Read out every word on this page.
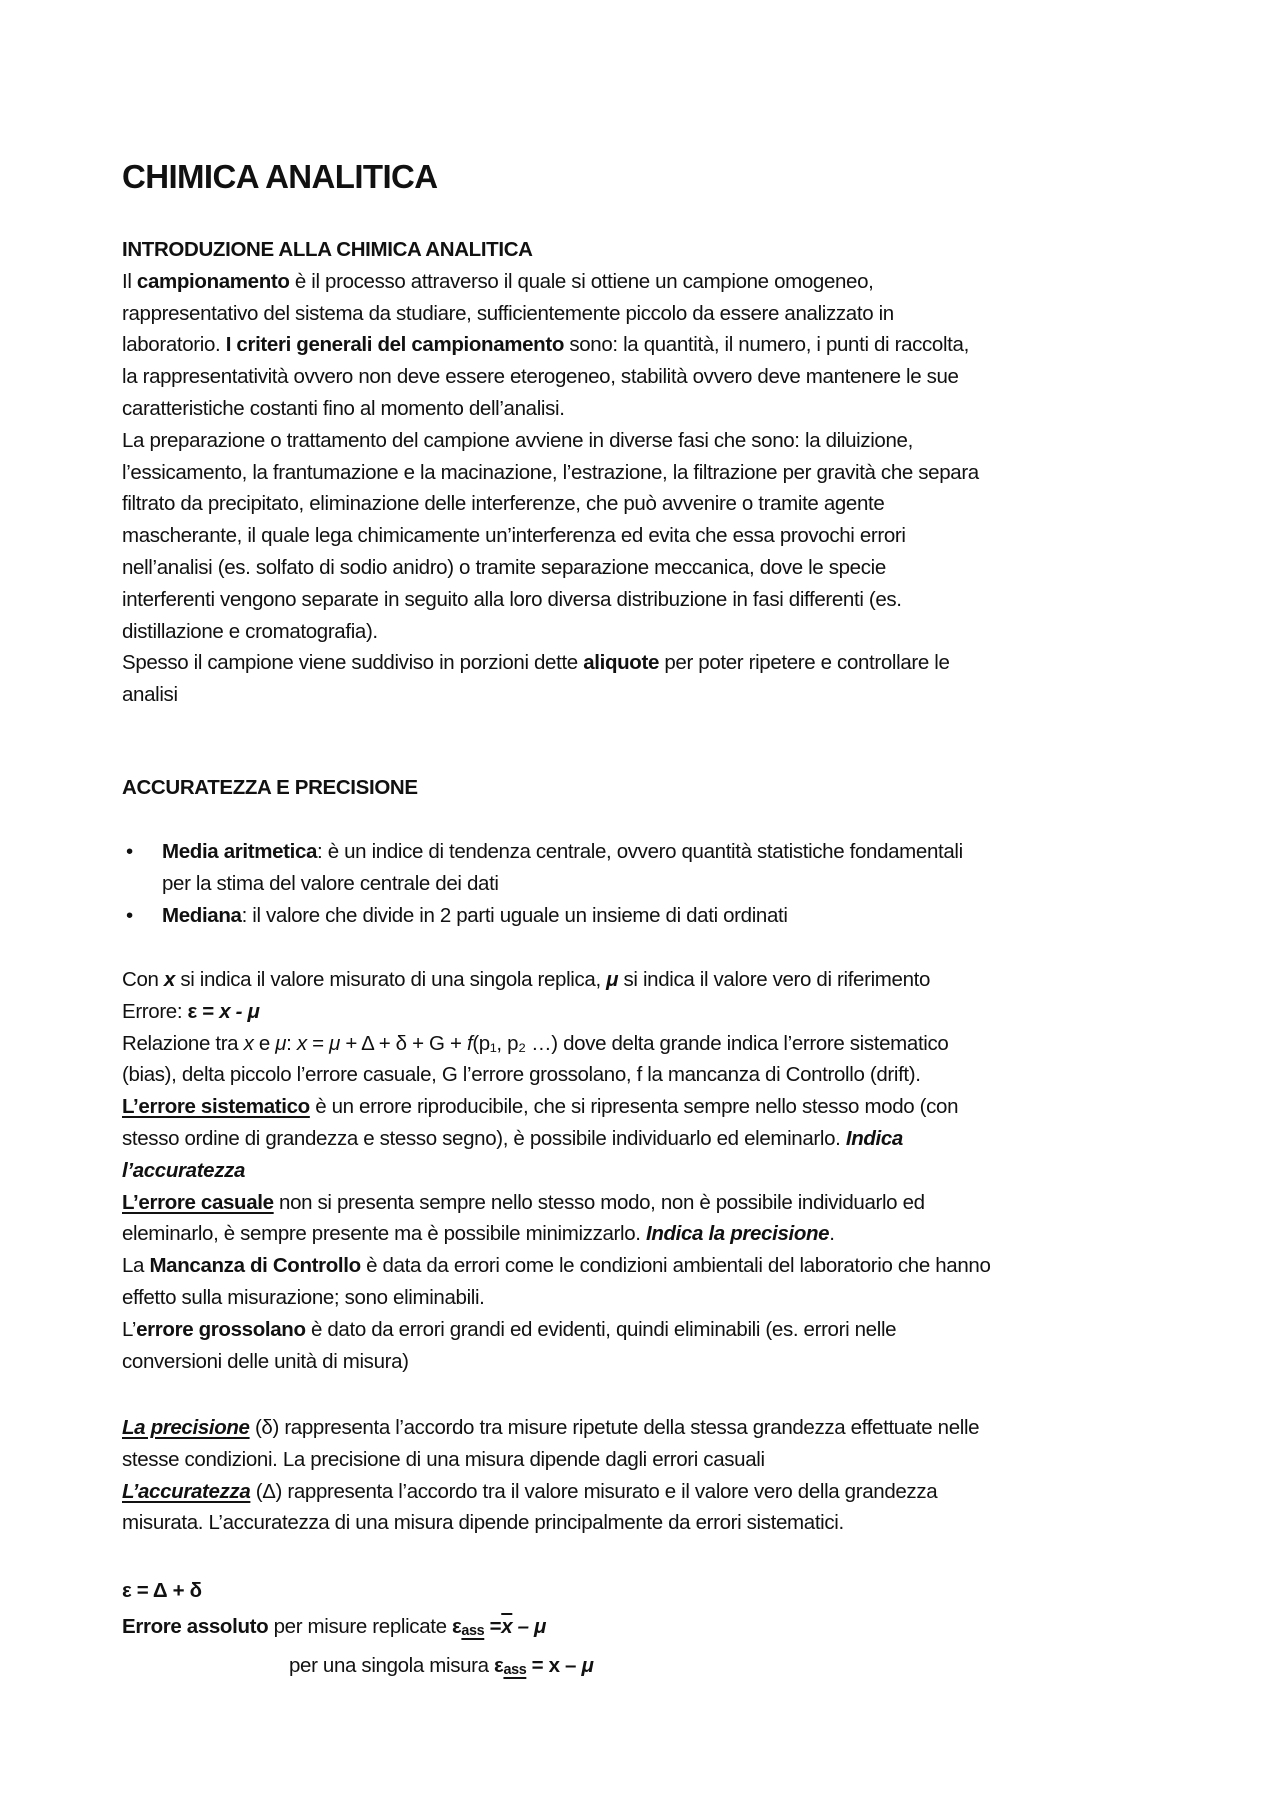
CHIMICA ANALITICA
INTRODUZIONE ALLA CHIMICA ANALITICA
Il campionamento è il processo attraverso il quale si ottiene un campione omogeneo,
rappresentativo del sistema da studiare, sufficientemente piccolo da essere analizzato in
laboratorio. I criteri generali del campionamento sono: la quantità, il numero, i punti di raccolta,
la rappresentatività ovvero non deve essere eterogeneo, stabilità ovvero deve mantenere le sue
caratteristiche costanti fino al momento dell’analisi.
La preparazione o trattamento del campione avviene in diverse fasi che sono: la diluizione,
l’essicamento, la frantumazione e la macinazione, l’estrazione, la filtrazione per gravità che separa
filtrato da precipitato, eliminazione delle interferenze, che può avvenire o tramite agente
mascherante, il quale lega chimicamente un’interferenza ed evita che essa provochi errori
nell’analisi (es. solfato di sodio anidro) o tramite separazione meccanica, dove le specie
interferenti vengono separate in seguito alla loro diversa distribuzione in fasi differenti (es.
distillazione e cromatografia).
Spesso il campione viene suddiviso in porzioni dette aliquote per poter ripetere e controllare le
analisi
ACCURATEZZA E PRECISIONE
• Media aritmetica: è un indice di tendenza centrale, ovvero quantità statistiche fondamentali
per la stima del valore centrale dei dati
• Mediana: il valore che divide in 2 parti uguale un insieme di dati ordinati
Con x si indica il valore misurato di una singola replica, μ si indica il valore vero di riferimento
Errore: ε = x - μ
Relazione tra x e μ: x = μ + Δ + δ + G + f(p₁, p₂ …) dove delta grande indica l’errore sistematico
(bias), delta piccolo l’errore casuale, G l’errore grossolano, f la mancanza di Controllo (drift).
L’errore sistematico è un errore riproducibile, che si ripresenta sempre nello stesso modo (con
stesso ordine di grandezza e stesso segno), è possibile individuarlo ed eleminarlo. Indica
l’accuratezza
L’errore casuale non si presenta sempre nello stesso modo, non è possibile individuarlo ed
eleminarlo, è sempre presente ma è possibile minimizzarlo. Indica la precisione.
La Mancanza di Controllo è data da errori come le condizioni ambientali del laboratorio che hanno
effetto sulla misurazione; sono eliminabili.
L’errore grossolano è dato da errori grandi ed evidenti, quindi eliminabili (es. errori nelle
conversioni delle unità di misura)
La precisione (δ) rappresenta l’accordo tra misure ripetute della stessa grandezza effettuate nelle
stesse condizioni. La precisione di una misura dipende dagli errori casuali
L’accuratezza (Δ) rappresenta l’accordo tra il valore misurato e il valore vero della grandezza
misurata. L’accuratezza di una misura dipende principalmente da errori sistematici.
ε = Δ + δ
Errore assoluto per misure replicate $\varepsilon_{ass} =\overline{x} - \mu$
per una singola misura $\varepsilon_{ass} = x - \mu$
